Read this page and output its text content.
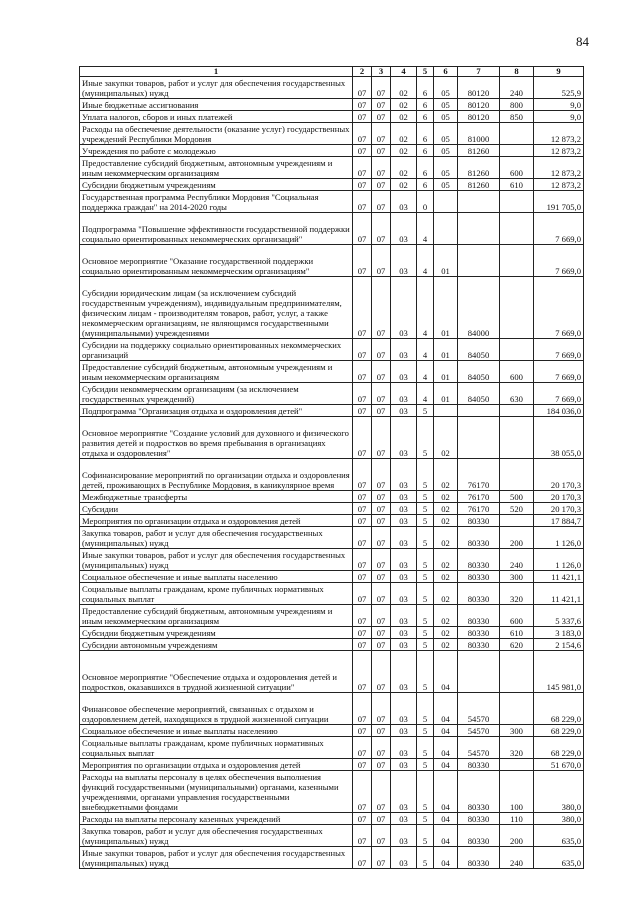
84
1	2	3	4	5	6	7	8	9
Иные закупки товаров, работ и услуг для обеспечения государственных (муниципальных) нужд	07	07	02	6	05	80120	240	525,9
Иные бюджетные ассигнования	07	07	02	6	05	80120	800	9,0
Уплата налогов, сборов и иных платежей	07	07	02	6	05	80120	850	9,0
Расходы на обеспечение деятельности (оказание услуг) государственных учреждений Республики Мордовия	07	07	02	6	05	81000		12 873,2
Учреждения по работе с молодежью	07	07	02	6	05	81260		12 873,2
Предоставление субсидий бюджетным, автономным учреждениям и иным некоммерческим организациям	07	07	02	6	05	81260	600	12 873,2
Субсидии бюджетным учреждениям	07	07	02	6	05	81260	610	12 873,2
Государственная программа Республики Мордовия "Социальная поддержка граждан" на 2014-2020 годы	07	07	03	0				191 705,0
Подпрограмма "Повышение эффективности государственной поддержки социально ориентированных некоммерческих организаций"	07	07	03	4				7 669,0
Основное мероприятие "Оказание государственной поддержки социально ориентированным некоммерческим организациям"	07	07	03	4	01			7 669,0
Субсидии юридическим лицам (за исключением субсидий государственным учреждениям), индивидуальным предпринимателям, физическим лицам - производителям товаров, работ, услуг, а также некоммерческим организациям, не являющимся государственными (муниципальными) учреждениями	07	07	03	4	01	84000		7 669,0
Субсидии на поддержку социально ориентированных некоммерческих организаций	07	07	03	4	01	84050		7 669,0
Предоставление субсидий бюджетным, автономным учреждениям и иным некоммерческим организациям	07	07	03	4	01	84050	600	7 669,0
Субсидии некоммерческим организациям (за исключением государственных учреждений)	07	07	03	4	01	84050	630	7 669,0
Подпрограмма "Организация отдыха и оздоровления детей"	07	07	03	5				184 036,0
Основное мероприятие "Создание условий для духовного и физического развития детей и подростков во время пребывания в организациях отдыха и оздоровления"	07	07	03	5	02			38 055,0
Софинансирование мероприятий по организации отдыха и оздоровления детей, проживающих в Республике Мордовия, в каникулярное время	07	07	03	5	02	76170		20 170,3
Межбюджетные трансферты	07	07	03	5	02	76170	500	20 170,3
Субсидии	07	07	03	5	02	76170	520	20 170,3
Мероприятия по организации отдыха и оздоровления детей	07	07	03	5	02	80330		17 884,7
Закупка товаров, работ и услуг для обеспечения государственных (муниципальных) нужд	07	07	03	5	02	80330	200	1 126,0
Иные закупки товаров, работ и услуг для обеспечения государственных (муниципальных) нужд	07	07	03	5	02	80330	240	1 126,0
Социальное обеспечение и иные выплаты населению	07	07	03	5	02	80330	300	11 421,1
Социальные выплаты гражданам, кроме публичных нормативных социальных выплат	07	07	03	5	02	80330	320	11 421,1
Предоставление субсидий бюджетным, автономным учреждениям и иным некоммерческим организациям	07	07	03	5	02	80330	600	5 337,6
Субсидии бюджетным учреждениям	07	07	03	5	02	80330	610	3 183,0
Субсидии автономным учреждениям	07	07	03	5	02	80330	620	2 154,6
Основное мероприятие "Обеспечение отдыха и оздоровления детей и подростков, оказавшихся в трудной жизненной ситуации"	07	07	03	5	04			145 981,0
Финансовое обеспечение мероприятий, связанных с отдыхом и оздоровлением детей, находящихся в трудной жизненной ситуации	07	07	03	5	04	54570		68 229,0
Социальное обеспечение и иные выплаты населению	07	07	03	5	04	54570	300	68 229,0
Социальные выплаты гражданам, кроме публичных нормативных социальных выплат	07	07	03	5	04	54570	320	68 229,0
Мероприятия по организации отдыха и оздоровления детей	07	07	03	5	04	80330		51 670,0
Расходы на выплаты персоналу в целях обеспечения выполнения функций государственными (муниципальными) органами, казенными учреждениями, органами управления государственными внебюджетными фондами	07	07	03	5	04	80330	100	380,0
Расходы на выплаты персоналу казенных учреждений	07	07	03	5	04	80330	110	380,0
Закупка товаров, работ и услуг для обеспечения государственных (муниципальных) нужд	07	07	03	5	04	80330	200	635,0
Иные закупки товаров, работ и услуг для обеспечения государственных (муниципальных) нужд	07	07	03	5	04	80330	240	635,0
